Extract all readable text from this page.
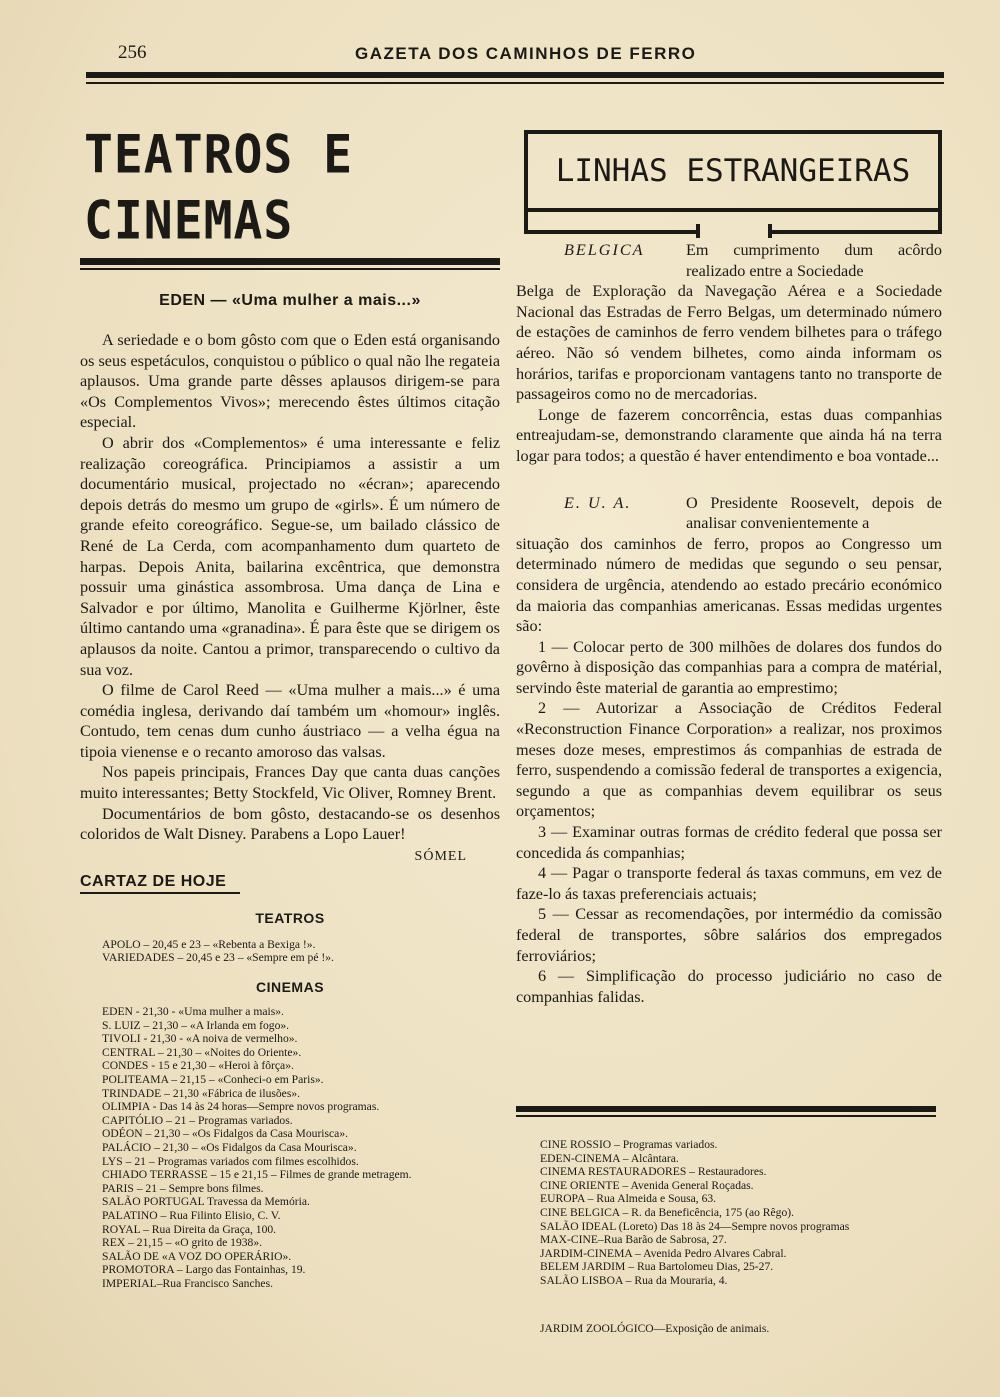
256	GAZETA DOS CAMINHOS DE FERRO
TEATROS E CINEMAS
EDEN — «Uma mulher a mais...»

A seriedade e o bom gôsto com que o Eden está organisando os seus espetáculos, conquistou o público o qual não lhe regateia aplausos. Uma grande parte dêsses aplausos dirigem-se para «Os Complementos Vivos»; merecendo êstes últimos citação especial.

O abrir dos «Complementos» é uma interessante e feliz realização coreográfica. Principiamos a assistir a um documentário musical, projectado no «écran»; aparecendo depois detrás do mesmo um grupo de «girls». É um número de grande efeito coreográfico. Segue-se, um bailado clássico de René de La Cerda, com acompanhamento dum quarteto de harpas. Depois Anita, bailarina excêntrica, que demonstra possuir uma ginástica assombrosa. Uma dança de Lina e Salvador e por último, Manolita e Guilherme Kjörlner, êste último cantando uma «granadina». É para êste que se dirigem os aplausos da noite. Cantou a primor, transparecendo o cultivo da sua voz.

O filme de Carol Reed — «Uma mulher a mais...» é uma comédia inglesa, derivando daí também um «homour» inglês. Contudo, tem cenas dum cunho áustriaco — a velha égua na tipoia vienense e o recanto amoroso das valsas.

Nos papeis principais, Frances Day que canta duas canções muito interessantes; Betty Stockfeld, Vic Oliver, Romney Brent.

Documentários de bom gôsto, destacando-se os desenhos coloridos de Walt Disney. Parabens a Lopo Lauer!

SÓMEL
CARTAZ DE HOJE
TEATROS
APOLO – 20,45 e 23 – «Rebenta a Bexiga !».
VARIEDADES – 20,45 e 23 – «Sempre em pé !».
CINEMAS
EDEN - 21,30 - «Uma mulher a mais».
S. LUIZ – 21,30 – «A Irlanda em fogo».
TIVOLI - 21,30 - «A noiva de vermelho».
CENTRAL – 21,30 – «Noites do Oriente».
CONDES - 15 e 21,30 – «Heroi à fôrça».
POLITEAMA – 21,15 – «Conheci-o em Paris».
TRINDADE – 21,30 «Fábrica de ilusões».
OLIMPIA - Das 14 às 24 horas—Sempre novos programas.
CAPITÓLIO – 21 – Programas variados.
ODÉON – 21,30 – «Os Fidalgos da Casa Mourisca».
PALÁCIO – 21,30 – «Os Fidalgos da Casa Mourisca».
LYS – 21 – Programas variados com filmes escolhidos.
CHIADO TERRASSE – 15 e 21,15 – Filmes de grande metragem.
PARIS – 21 – Sempre bons filmes.
SALÃO PORTUGAL Travessa da Memória.
PALATINO – Rua Filinto Elisio, C. V.
ROYAL – Rua Direita da Graça, 100.
REX – 21,15 – «O grito de 1938».
SALÃO DE «A VOZ DO OPERÁRIO».
PROMOTORA – Largo das Fontainhas, 19.
IMPERIAL–Rua Francisco Sanches.
LINHAS ESTRANGEIRAS
BELGICA	Em cumprimento dum acôrdo realizado entre a Sociedade

Belga de Exploração da Navegação Aérea e a Sociedade Nacional das Estradas de Ferro Belgas, um determinado número de estações de caminhos de ferro vendem bilhetes para o tráfego aéreo. Não só vendem bilhetes, como ainda informam os horários, tarifas e proporcionam vantagens tanto no transporte de passageiros como no de mercadorias.

Longe de fazerem concorrência, estas duas companhias entreajudam-se, demonstrando claramente que ainda há na terra logar para todos; a questão é haver entendimento e boa vontade...

E. U. A.	O Presidente Roosevelt, depois de analisar convenientemente a

situação dos caminhos de ferro, propos ao Congresso um determinado número de medidas que segundo o seu pensar, considera de urgência, atendendo ao estado precário económico da maioria das companhias americanas. Essas medidas urgentes são:

1 — Colocar perto de 300 milhões de dolares dos fundos do govêrno à disposição das companhias para a compra de matérial, servindo êste material de garantia ao emprestimo;

2 — Autorizar a Associação de Créditos Federal «Reconstruction Finance Corporation» a realizar, nos proximos meses doze meses, emprestimos ás companhias de estrada de ferro, suspendendo a comissão federal de transportes a exigencia, segundo a que as companhias devem equilibrar os seus orçamentos;

3 — Examinar outras formas de crédito federal que possa ser concedida ás companhias;

4 — Pagar o transporte federal ás taxas communs, em vez de faze-lo ás taxas preferenciais actuais;

5 — Cessar as recomendações, por intermédio da comissão federal de transportes, sôbre salários dos empregados ferroviários;

6 — Simplificação do processo judiciário no caso de companhias falidas.

CINE ROSSIO – Programas variados.
EDEN-CINEMA – Alcântara.
CINEMA RESTAURADORES – Restauradores.
CINE ORIENTE – Avenida General Roçadas.
EUROPA – Rua Almeida e Sousa, 63.
CINE BELGICA – R. da Beneficência, 175 (ao Rêgo).
SALÃO IDEAL (Loreto) Das 18 às 24—Sempre novos programas
MAX-CINE–Rua Barão de Sabrosa, 27.
JARDIM-CINEMA – Avenida Pedro Alvares Cabral.
BELEM JARDIM – Rua Bartolomeu Dias, 25-27.
SALÃO LISBOA – Rua da Mouraria, 4.
JARDIM ZOOLÓGICO—Exposição de animais.
